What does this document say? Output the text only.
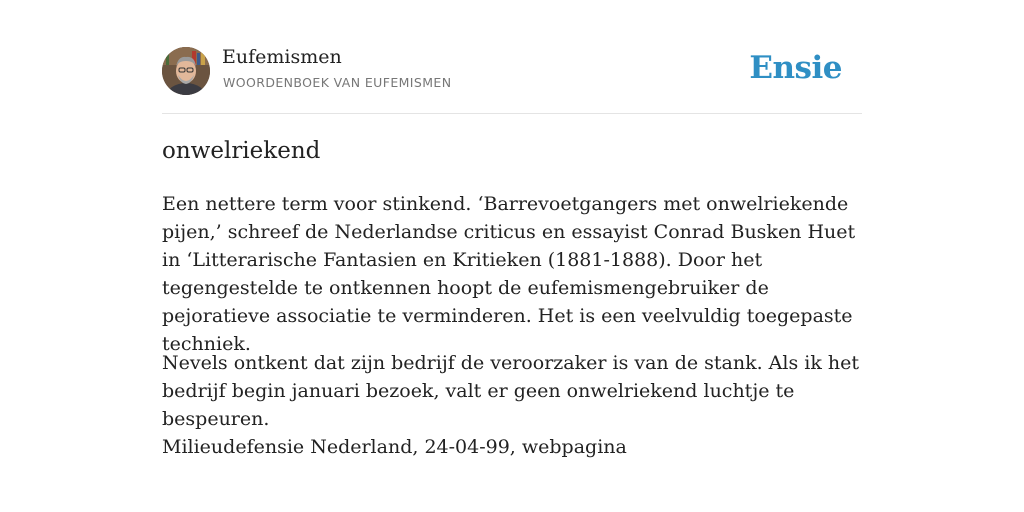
Eufemismen
WOORDENBOEK VAN EUFEMISMEN	Ensie
onwelriekend

Een nettere term voor stinkend. ‘Barrevoetgangers met onwelriekende pijen,’ schreef de Nederlandse criticus en essayist Conrad Busken Huet in ‘Litterarische Fantasien en Kritieken (1881-1888). Door het tegengestelde te ontkennen hoopt de eufemismengebruiker de pejoratieve associatie te verminderen. Het is een veelvuldig toegepaste techniek.

Nevels ontkent dat zijn bedrijf de veroorzaker is van de stank. Als ik het bedrijf begin januari bezoek, valt er geen onwelriekend luchtje te bespeuren.

Milieudefensie Nederland, 24-04-99, webpagina
